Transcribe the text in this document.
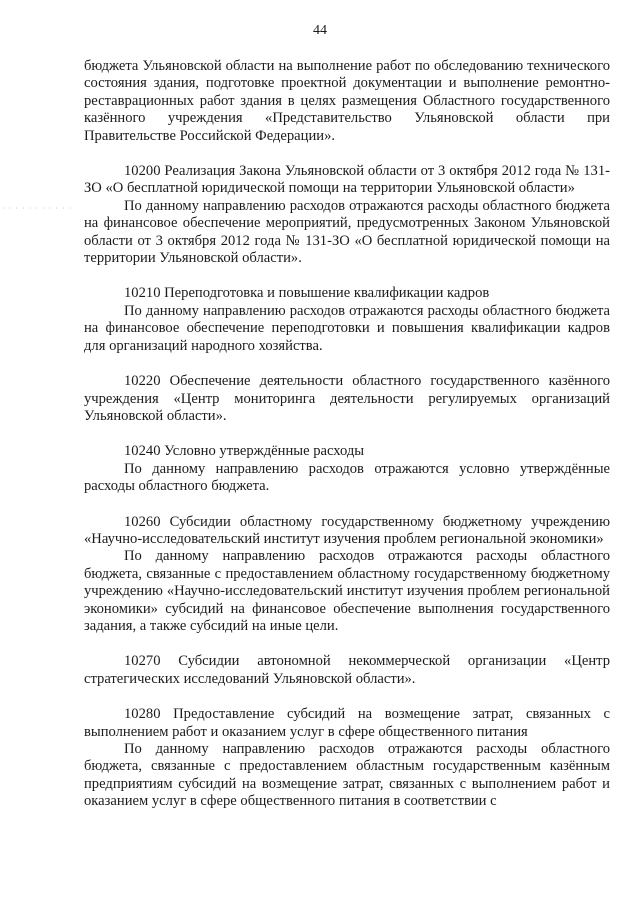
44
· · · · · · · · · · ·

бюджета Ульяновской области на выполнение работ по обследованию технического состояния здания, подготовке проектной документации и выполнение ремонтно-реставрационных работ здания в целях размещения Областного государственного казённого учреждения «Представительство Ульяновской области при Правительстве Российской Федерации».

10200 Реализация Закона Ульяновской области от 3 октября 2012 года № 131-ЗО «О бесплатной юридической помощи на территории Ульяновской области»

По данному направлению расходов отражаются расходы областного бюджета на финансовое обеспечение мероприятий, предусмотренных Законом Ульяновской области от 3 октября 2012 года № 131-ЗО «О бесплатной юридической помощи на территории Ульяновской области».

10210 Переподготовка и повышение квалификации кадров

По данному направлению расходов отражаются расходы областного бюджета на финансовое обеспечение переподготовки и повышения квалификации кадров для организаций народного хозяйства.

10220 Обеспечение деятельности областного государственного казённого учреждения «Центр мониторинга деятельности регулируемых организаций Ульяновской области».

10240 Условно утверждённые расходы

По данному направлению расходов отражаются условно утверждённые расходы областного бюджета.

10260 Субсидии областному государственному бюджетному учреждению «Научно-исследовательский институт изучения проблем региональной экономики»

По данному направлению расходов отражаются расходы областного бюджета, связанные с предоставлением областному государственному бюджетному учреждению «Научно-исследовательский институт изучения проблем региональной экономики» субсидий на финансовое обеспечение выполнения государственного задания, а также субсидий на иные цели.

10270 Субсидии автономной некоммерческой организации «Центр стратегических исследований Ульяновской области».

10280 Предоставление субсидий на возмещение затрат, связанных с выполнением работ и оказанием услуг в сфере общественного питания

По данному направлению расходов отражаются расходы областного бюджета, связанные с предоставлением областным государственным казённым предприятиям субсидий на возмещение затрат, связанных с выполнением работ и оказанием услуг в сфере общественного питания в соответствии с
